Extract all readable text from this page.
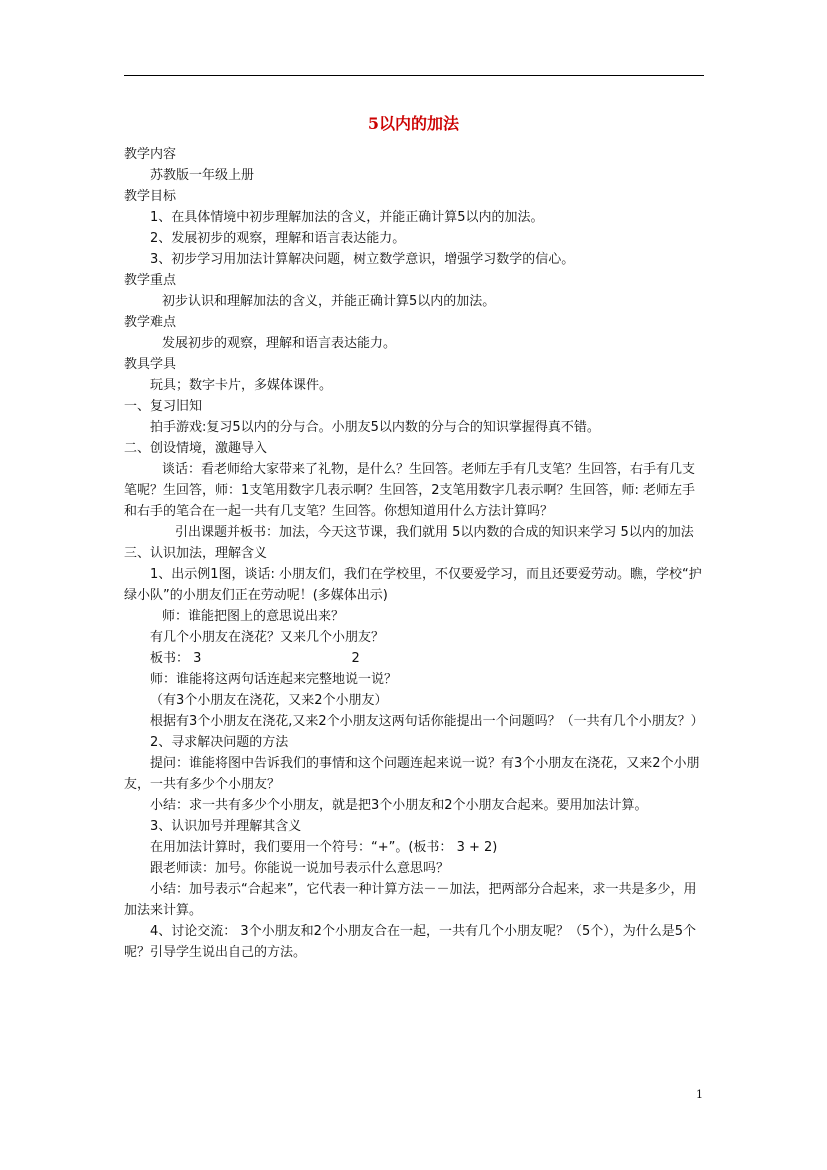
5以内的加法

教学内容

苏教版一年级上册

教学目标

1、在具体情境中初步理解加法的含义，并能正确计算5以内的加法。

2、发展初步的观察，理解和语言表达能力。

3、初步学习用加法计算解决问题，树立数学意识，增强学习数学的信心。

教学重点

初步认识和理解加法的含义，并能正确计算5以内的加法。

教学难点

发展初步的观察，理解和语言表达能力。

教具学具

玩具；数字卡片，多媒体课件。

一、复习旧知

拍手游戏:复习5以内的分与合。小朋友5以内数的分与合的知识掌握得真不错。

二、创设情境，激趣导入

谈话：看老师给大家带来了礼物，是什么？生回答。老师左手有几支笔？生回答，右手有几支笔呢？生回答，师：1支笔用数字几表示啊？生回答，2支笔用数字几表示啊？生回答，师: 老师左手和右手的笔合在一起一共有几支笔？生回答。你想知道用什么方法计算吗？

引出课题并板书：加法，今天这节课，我们就用 5以内数的合成的知识来学习 5以内的加法

三、认识加法，理解含义

1、出示例1图，谈话: 小朋友们，我们在学校里，不仅要爱学习，而且还要爱劳动。瞧，学校“护绿小队”的小朋友们正在劳动呢！(多媒体出示)

师：谁能把图上的意思说出来？

有几个小朋友在浇花？又来几个小朋友？

板书： 3	2

师：谁能将这两句话连起来完整地说一说？

（有3个小朋友在浇花，又来2个小朋友）

根据有3个小朋友在浇花,又来2个小朋友这两句话你能提出一个问题吗？（一共有几个小朋友？）

2、寻求解决问题的方法

提问：谁能将图中告诉我们的事情和这个问题连起来说一说？有3个小朋友在浇花，又来2个小朋友，一共有多少个小朋友？

小结：求一共有多少个小朋友，就是把3个小朋友和2个小朋友合起来。要用加法计算。

3、认识加号并理解其含义

在用加法计算时，我们要用一个符号：“+”。(板书： 3 + 2)

跟老师读：加号。你能说一说加号表示什么意思吗？

小结：加号表示“合起来”，它代表一种计算方法－－加法，把两部分合起来，求一共是多少，用加法来计算。

4、讨论交流： 3个小朋友和2个小朋友合在一起，一共有几个小朋友呢？（5个），为什么是5个呢？引导学生说出自己的方法。

1
